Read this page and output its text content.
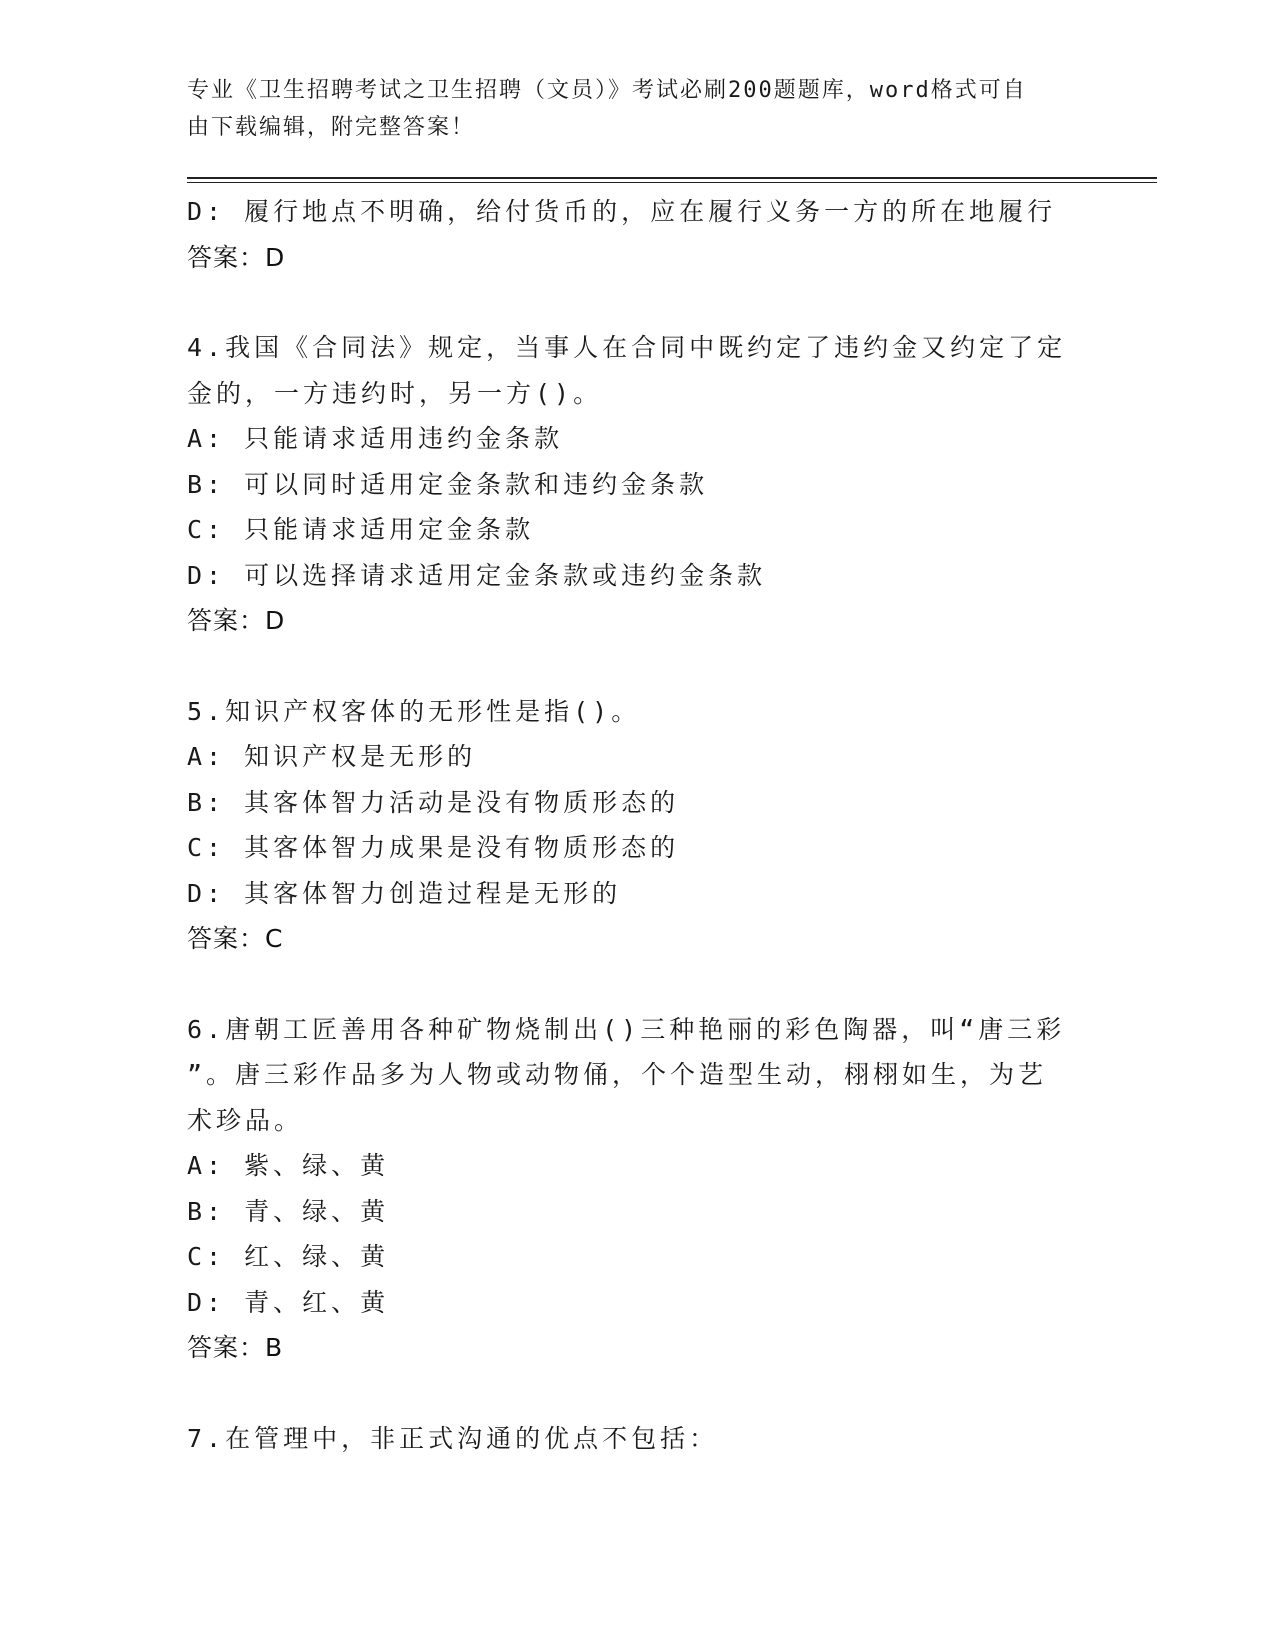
专业《卫生招聘考试之卫生招聘（文员）》考试必刷200题题库，word格式可自
由下载编辑，附完整答案！
D: 履行地点不明确，给付货币的，应在履行义务一方的所在地履行
答案：D
4.我国《合同法》规定，当事人在合同中既约定了违约金又约定了定
金的，一方违约时，另一方()。
A: 只能请求适用违约金条款
B: 可以同时适用定金条款和违约金条款
C: 只能请求适用定金条款
D: 可以选择请求适用定金条款或违约金条款
答案：D
5.知识产权客体的无形性是指()。
A: 知识产权是无形的
B: 其客体智力活动是没有物质形态的
C: 其客体智力成果是没有物质形态的
D: 其客体智力创造过程是无形的
答案：C
6.唐朝工匠善用各种矿物烧制出()三种艳丽的彩色陶器，叫“唐三彩
”。唐三彩作品多为人物或动物俑，个个造型生动，栩栩如生，为艺
术珍品。
A: 紫、绿、黄
B: 青、绿、黄
C: 红、绿、黄
D: 青、红、黄
答案：B
7.在管理中，非正式沟通的优点不包括：
